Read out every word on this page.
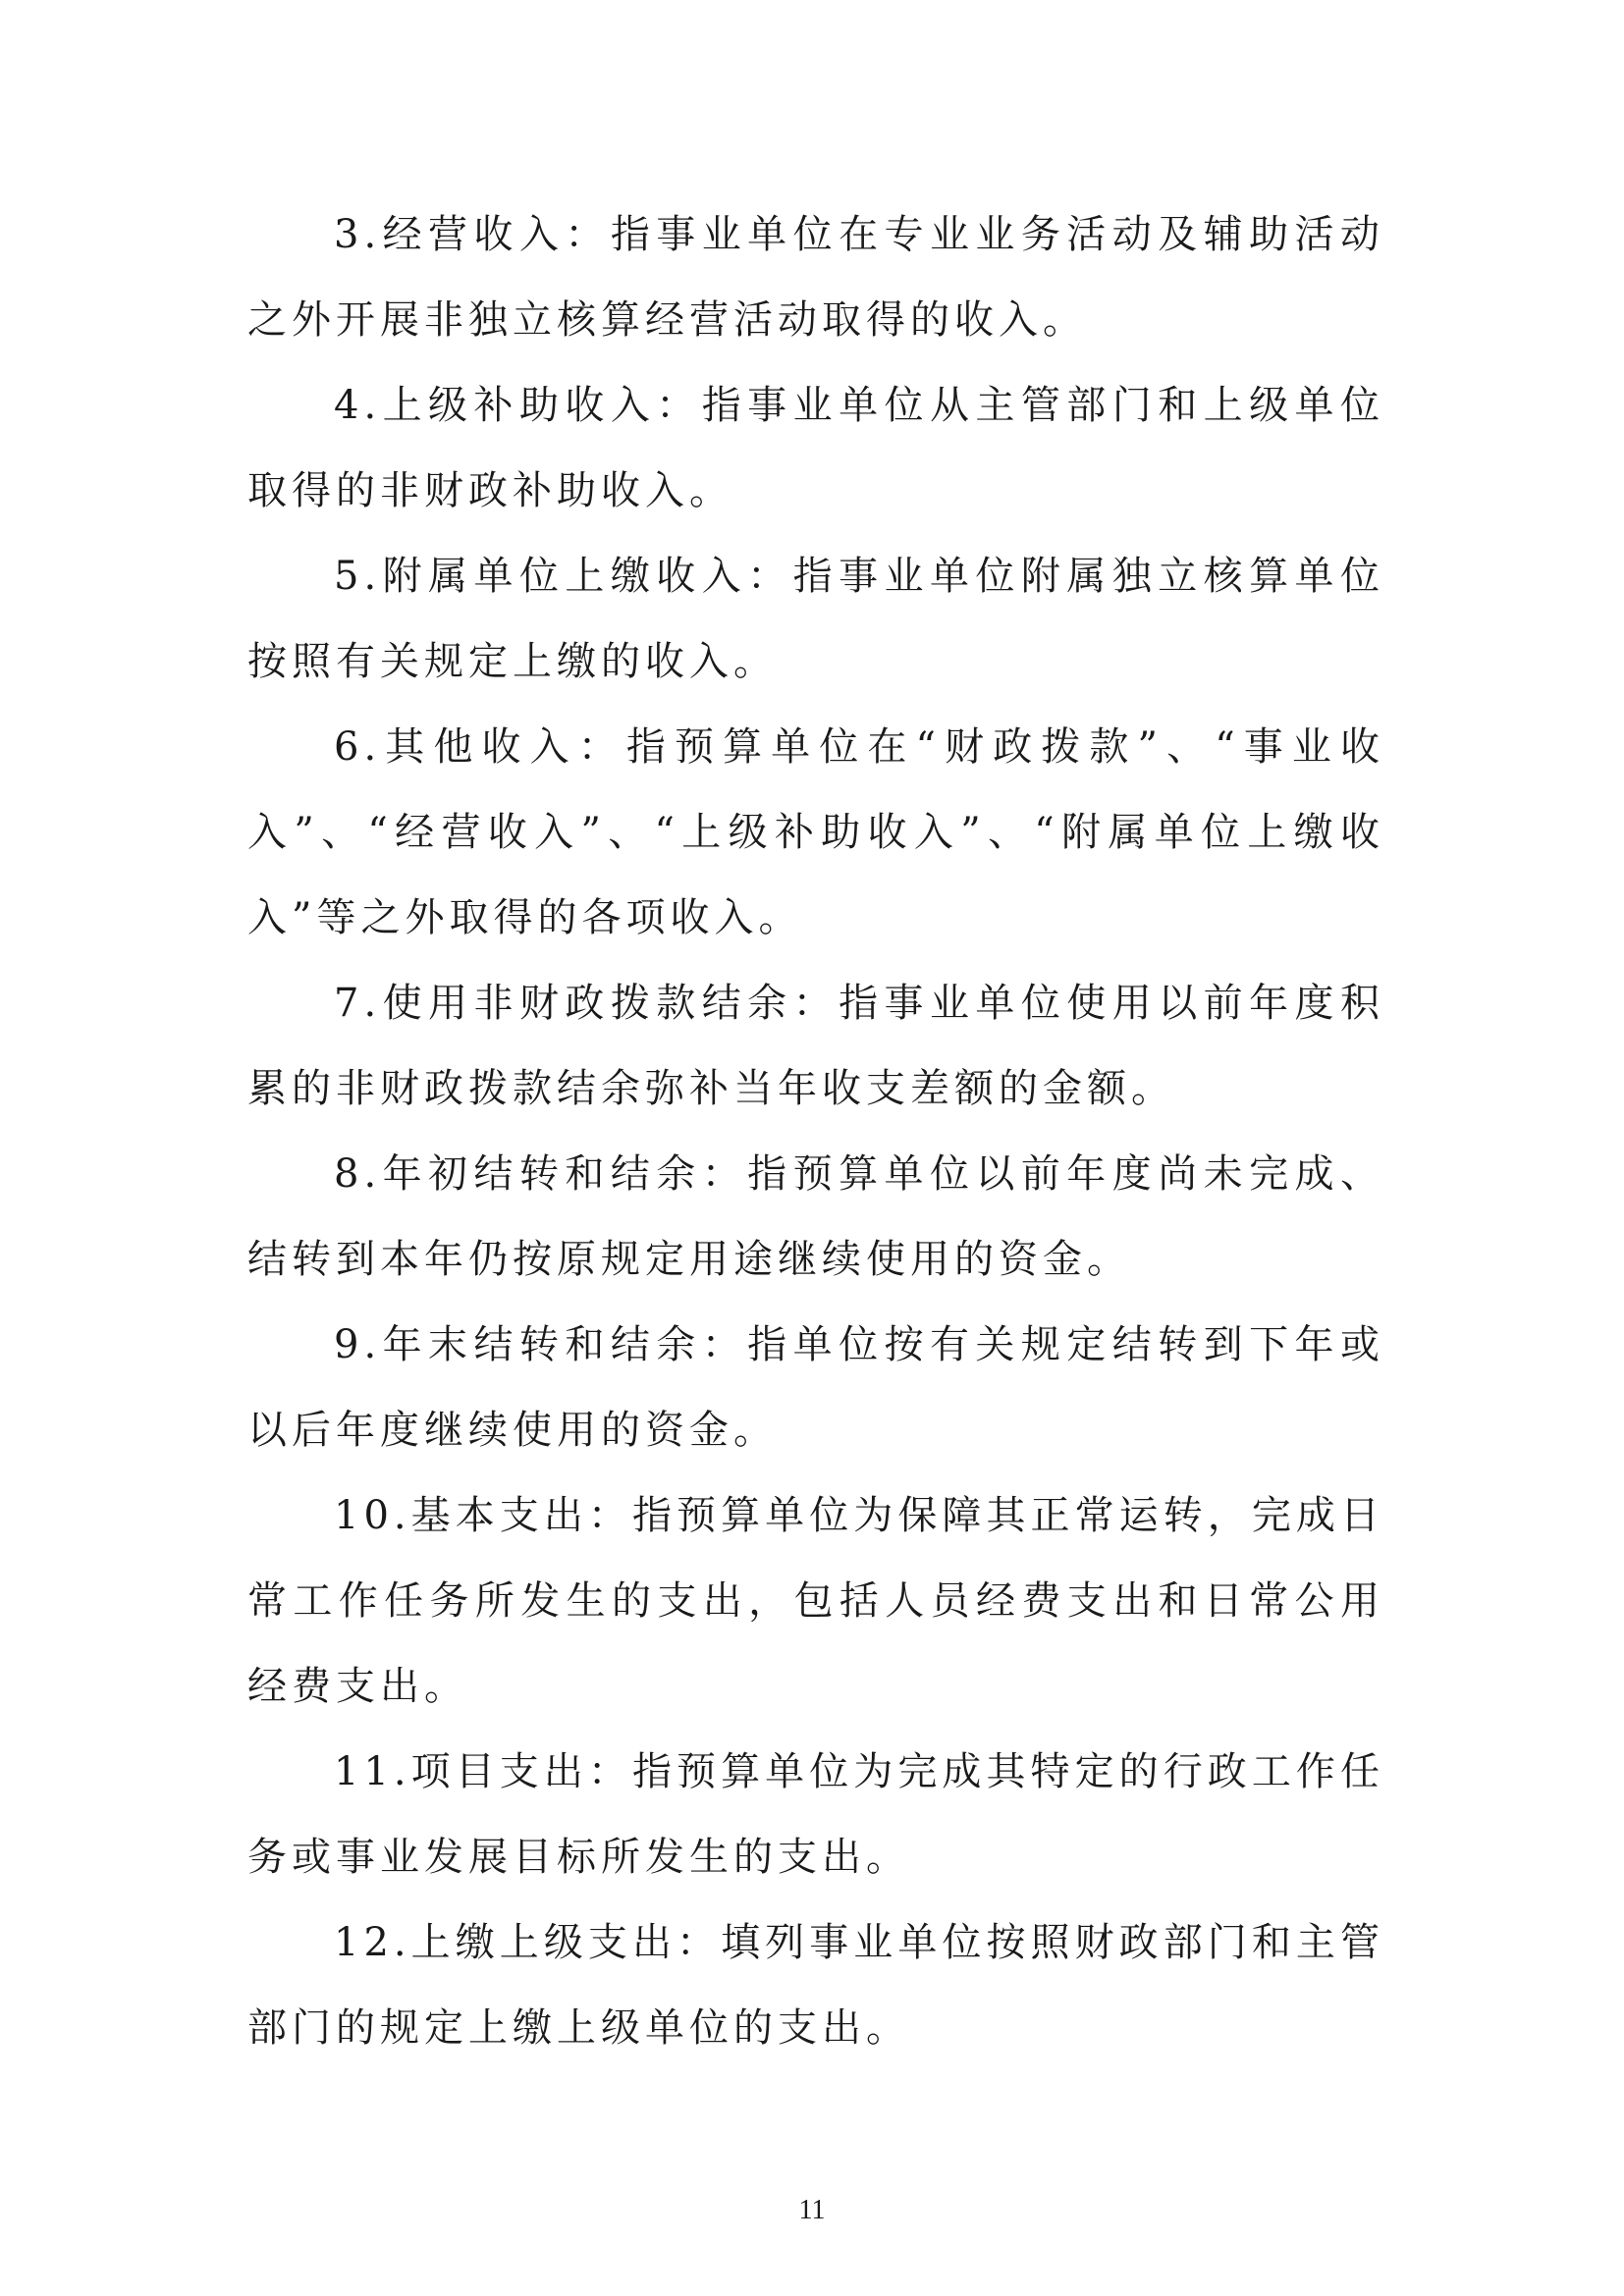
3.经营收入：指事业单位在专业业务活动及辅助活动之外开展非独立核算经营活动取得的收入。

4.上级补助收入：指事业单位从主管部门和上级单位取得的非财政补助收入。

5.附属单位上缴收入：指事业单位附属独立核算单位按照有关规定上缴的收入。

6.其他收入：指预算单位在“财政拨款”、“事业收入”、“经营收入”、“上级补助收入”、“附属单位上缴收入”等之外取得的各项收入。

7.使用非财政拨款结余：指事业单位使用以前年度积累的非财政拨款结余弥补当年收支差额的金额。

8.年初结转和结余：指预算单位以前年度尚未完成、结转到本年仍按原规定用途继续使用的资金。

9.年末结转和结余：指单位按有关规定结转到下年或以后年度继续使用的资金。

10.基本支出：指预算单位为保障其正常运转，完成日常工作任务所发生的支出，包括人员经费支出和日常公用经费支出。

11.项目支出：指预算单位为完成其特定的行政工作任务或事业发展目标所发生的支出。

12.上缴上级支出：填列事业单位按照财政部门和主管部门的规定上缴上级单位的支出。

11
